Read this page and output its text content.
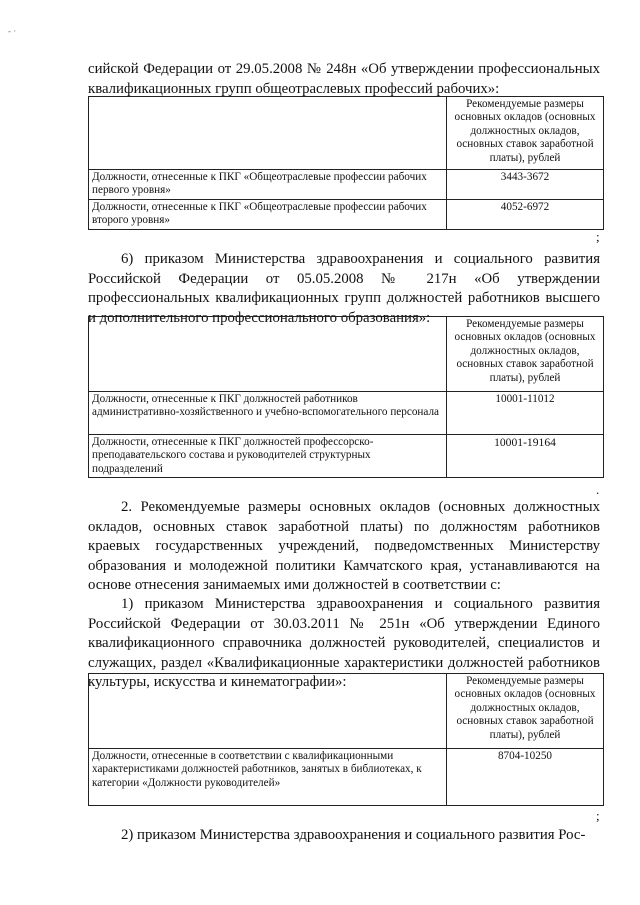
- ·

сийской Федерации от 29.05.2008 № 248н «Об утверждении профессиональных квалификационных групп общеотраслевых профессий рабочих»:

	Рекомендуемые размеры основных окладов (основных должностных окладов, основных ставок заработной платы), рублей
Должности, отнесенные к ПКГ «Общеотраслевые профессии рабочих первого уровня»	3443-3672
Должности, отнесенные к ПКГ «Общеотраслевые профессии рабочих второго уровня»	4052-6972
;

6) приказом Министерства здравоохранения и социального развития Российской Федерации от 05.05.2008 № 217н «Об утверждении профессиональных квалификационных групп должностей работников высшего и дополнительного профессионального образования»:

		Рекомендуемые размеры основных окладов (основных должностных окладов, основных ставок заработной платы), рублей
Должности, отнесенные к ПКГ должностей работников административно-хозяйственного и учебно-вспомогательного персонала	10001-11012
Должности, отнесенные к ПКГ должностей профессорско-преподавательского состава и руководителей структурных подразделений	10001-19164
.

2. Рекомендуемые размеры основных окладов (основных должностных окладов, основных ставок заработной платы) по должностям работников краевых государственных учреждений, подведомственных Министерству образования и молодежной политики Камчатского края, устанавливаются на основе отнесения занимаемых ими должностей в соответствии с:

1) приказом Министерства здравоохранения и социального развития Российской Федерации от 30.03.2011 № 251н «Об утверждении Единого квалификационного справочника должностей руководителей, специалистов и служащих, раздел «Квалификационные характеристики должностей работников культуры, искусства и кинематографии»:

		Рекомендуемые размеры основных окладов (основных должностных окладов, основных ставок заработной платы), рублей
Должности, отнесенные в соответствии с квалификационными характеристиками должностей работников, занятых в библиотеках, к категории «Должности руководителей»	8704-10250
;

2) приказом Министерства здравоохранения и социального развития Рос-
